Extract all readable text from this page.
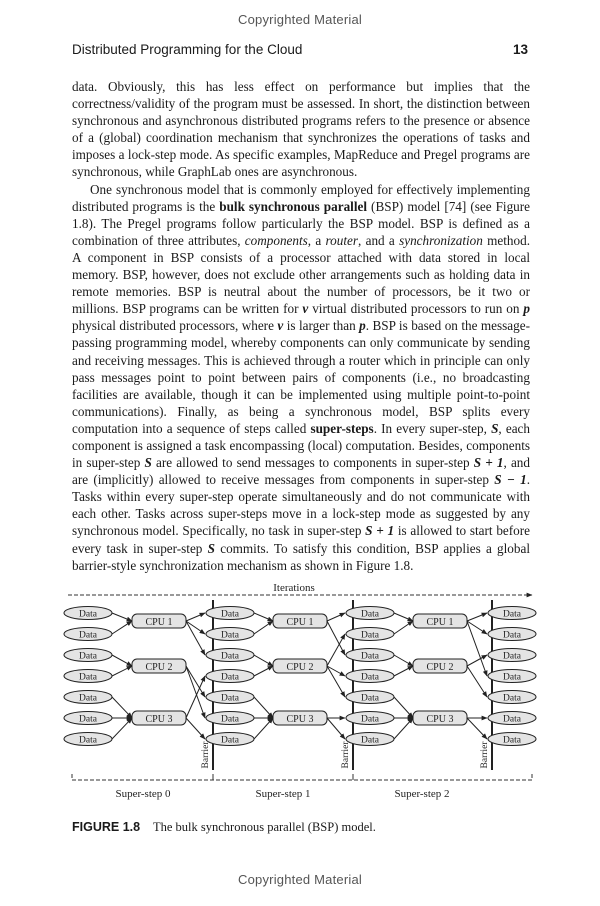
Copyrighted Material
Distributed Programming for the Cloud	13

data. Obviously, this has less effect on performance but implies that the correctness/validity of the program must be assessed. In short, the distinction between synchronous and asynchronous distributed programs refers to the presence or absence of a (global) coordination mechanism that synchronizes the operations of tasks and imposes a lock-step mode. As specific examples, MapReduce and Pregel programs are synchronous, while GraphLab ones are asynchronous.

One synchronous model that is commonly employed for effectively implementing distributed programs is the bulk synchronous parallel (BSP) model [74] (see Figure 1.8). The Pregel programs follow particularly the BSP model. BSP is defined as a combination of three attributes, components, a router, and a synchronization method. A component in BSP consists of a processor attached with data stored in local memory. BSP, however, does not exclude other arrangements such as holding data in remote memories. BSP is neutral about the number of processors, be it two or millions. BSP programs can be written for v virtual distributed processors to run on p physical distributed processors, where v is larger than p. BSP is based on the message-passing programming model, whereby components can only communicate by sending and receiving messages. This is achieved through a router which in principle can only pass messages point to point between pairs of components (i.e., no broadcasting facilities are available, though it can be implemented using multiple point-to-point communications). Finally, as being a synchronous model, BSP splits every computation into a sequence of steps called super-steps. In every super-step, S, each component is assigned a task encompassing (local) computation. Besides, components in super-step S are allowed to send messages to components in super-step S + 1, and are (implicitly) allowed to receive messages from components in super-step S − 1. Tasks within every super-step operate simultaneously and do not communicate with each other. Tasks across super-steps move in a lock-step mode as suggested by any synchronous model. Specifically, no task in super-step S + 1 is allowed to start before every task in super-step S commits. To satisfy this condition, BSP applies a global barrier-style synchronization mechanism as shown in Figure 1.8.

Iterations
Barrier	Barrier	Barrier
Data
Data
Data
Data
Data
Data
Data
Data
Data
Data
Data
Data
Data
Data
Data
Data
Data
Data
Data
Data
Data
Data
Data
Data
Data
Data
Data
Data
CPU 1
CPU 2
CPU 3
CPU 1
CPU 2
CPU 3
CPU 1
CPU 2
CPU 3
Super-step 0	Super-step 1	Super-step 2
FIGURE 1.8 The bulk synchronous parallel (BSP) model.
Copyrighted Material
